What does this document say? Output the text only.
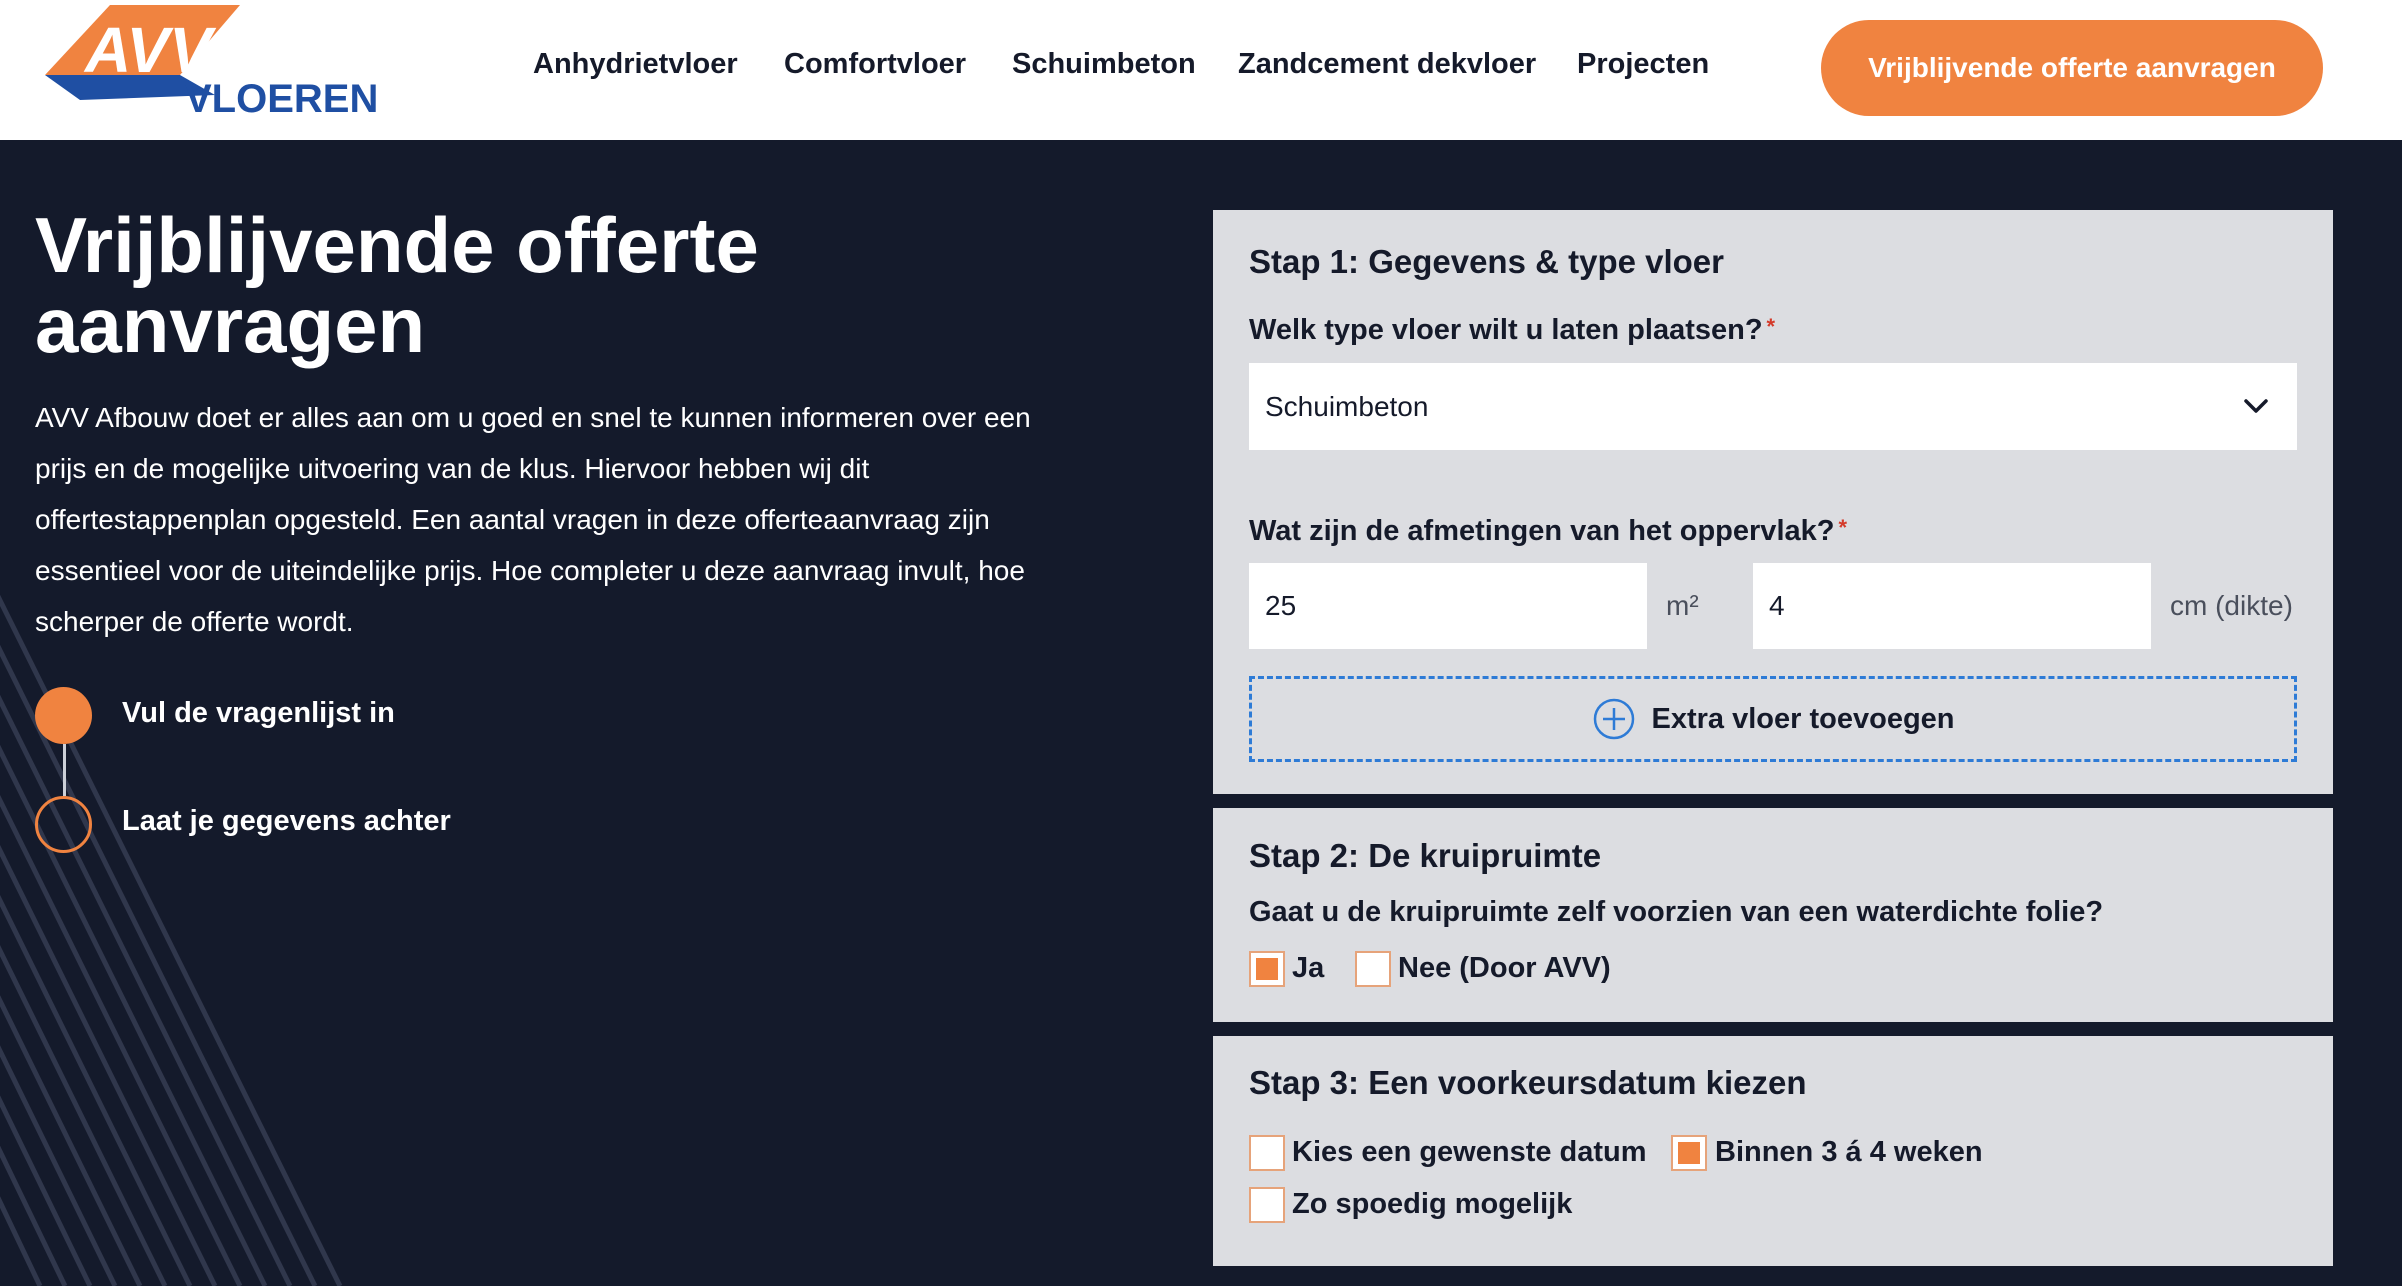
AVV
VLOEREN
Anhydrietvloer Comfortvloer Schuimbeton Zandcement dekvloer Projecten	Vrijblijvende offerte aanvragen
Vrijblijvende offerte aanvragen

AVV Afbouw doet er alles aan om u goed en snel te kunnen informeren over een prijs en de mogelijke uitvoering van de klus. Hiervoor hebben wij dit offertestappenplan opgesteld. Een aantal vragen in deze offerteaanvraag zijn essentieel voor de uiteindelijke prijs. Hoe completer u deze aanvraag invult, hoe scherper de offerte wordt.

Vul de vragenlijst in
Laat je gegevens achter
Stap 1: Gegevens & type vloer
Welk type vloer wilt u laten plaatsen? *
Schuimbeton
Wat zijn de afmetingen van het oppervlak? *
25	m²	4	cm (dikte)
Extra vloer toevoegen
Stap 2: De kruipruimte
Gaat u de kruipruimte zelf voorzien van een waterdichte folie?
Ja	Nee (Door AVV)
Stap 3: Een voorkeursdatum kiezen
Kies een gewenste datum Binnen 3 á 4 weken
Zo spoedig mogelijk
